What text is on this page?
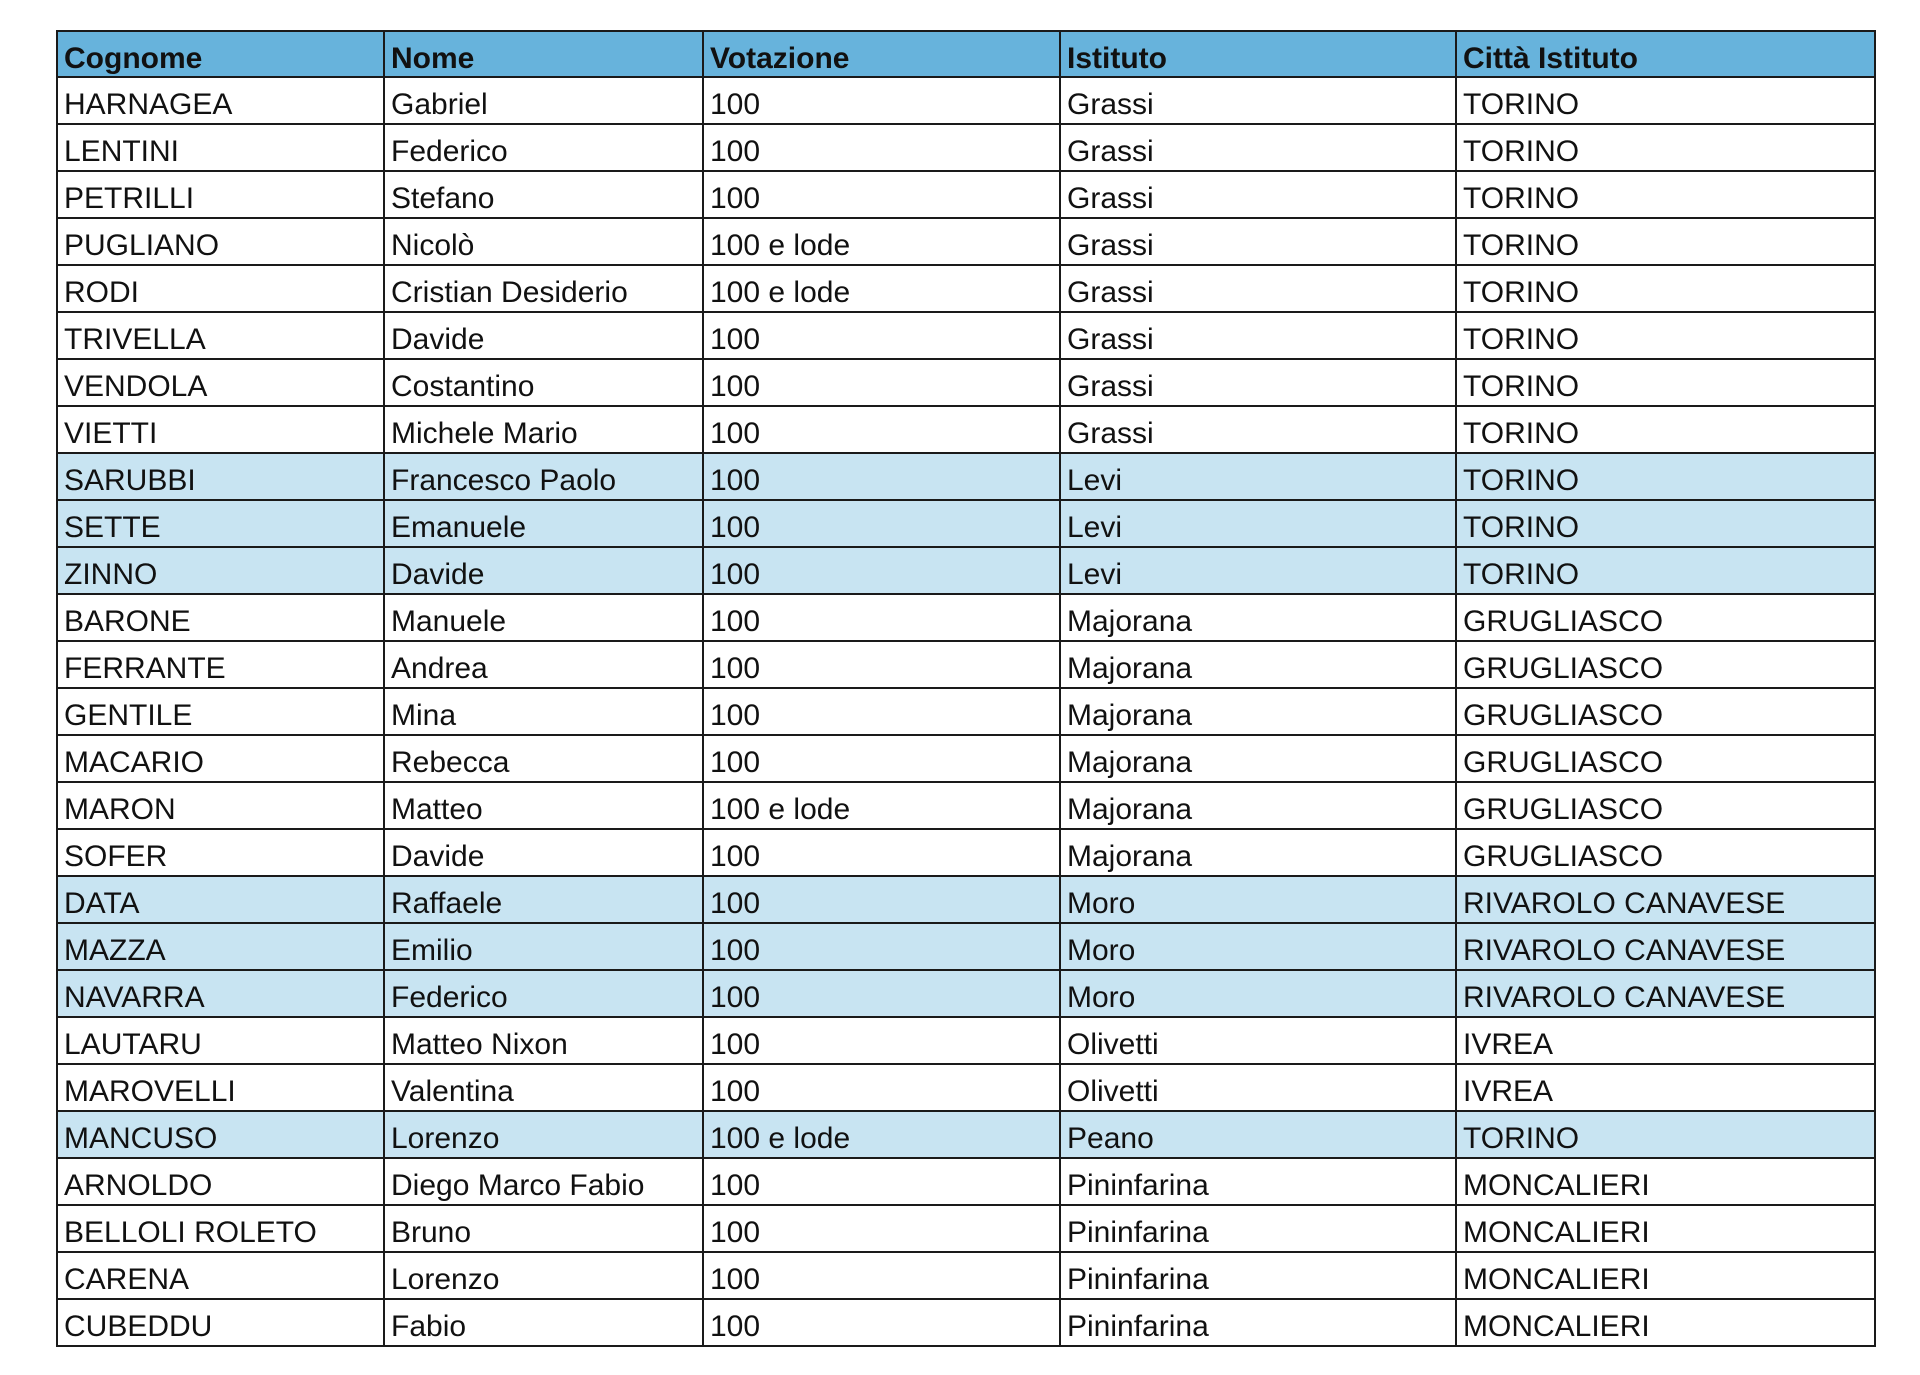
Cognome	Nome	Votazione	Istituto	Città Istituto
HARNAGEA	Gabriel	100	Grassi	TORINO
LENTINI	Federico	100	Grassi	TORINO
PETRILLI	Stefano	100	Grassi	TORINO
PUGLIANO	Nicolò	100 e lode	Grassi	TORINO
RODI	Cristian Desiderio	100 e lode	Grassi	TORINO
TRIVELLA	Davide	100	Grassi	TORINO
VENDOLA	Costantino	100	Grassi	TORINO
VIETTI	Michele Mario	100	Grassi	TORINO
SARUBBI	Francesco Paolo	100	Levi	TORINO
SETTE	Emanuele	100	Levi	TORINO
ZINNO	Davide	100	Levi	TORINO
BARONE	Manuele	100	Majorana	GRUGLIASCO
FERRANTE	Andrea	100	Majorana	GRUGLIASCO
GENTILE	Mina	100	Majorana	GRUGLIASCO
MACARIO	Rebecca	100	Majorana	GRUGLIASCO
MARON	Matteo	100 e lode	Majorana	GRUGLIASCO
SOFER	Davide	100	Majorana	GRUGLIASCO
DATA	Raffaele	100	Moro	RIVAROLO CANAVESE
MAZZA	Emilio	100	Moro	RIVAROLO CANAVESE
NAVARRA	Federico	100	Moro	RIVAROLO CANAVESE
LAUTARU	Matteo Nixon	100	Olivetti	IVREA
MAROVELLI	Valentina	100	Olivetti	IVREA
MANCUSO	Lorenzo	100 e lode	Peano	TORINO
ARNOLDO	Diego Marco Fabio	100	Pininfarina	MONCALIERI
BELLOLI ROLETO	Bruno	100	Pininfarina	MONCALIERI
CARENA	Lorenzo	100	Pininfarina	MONCALIERI
CUBEDDU	Fabio	100	Pininfarina	MONCALIERI
